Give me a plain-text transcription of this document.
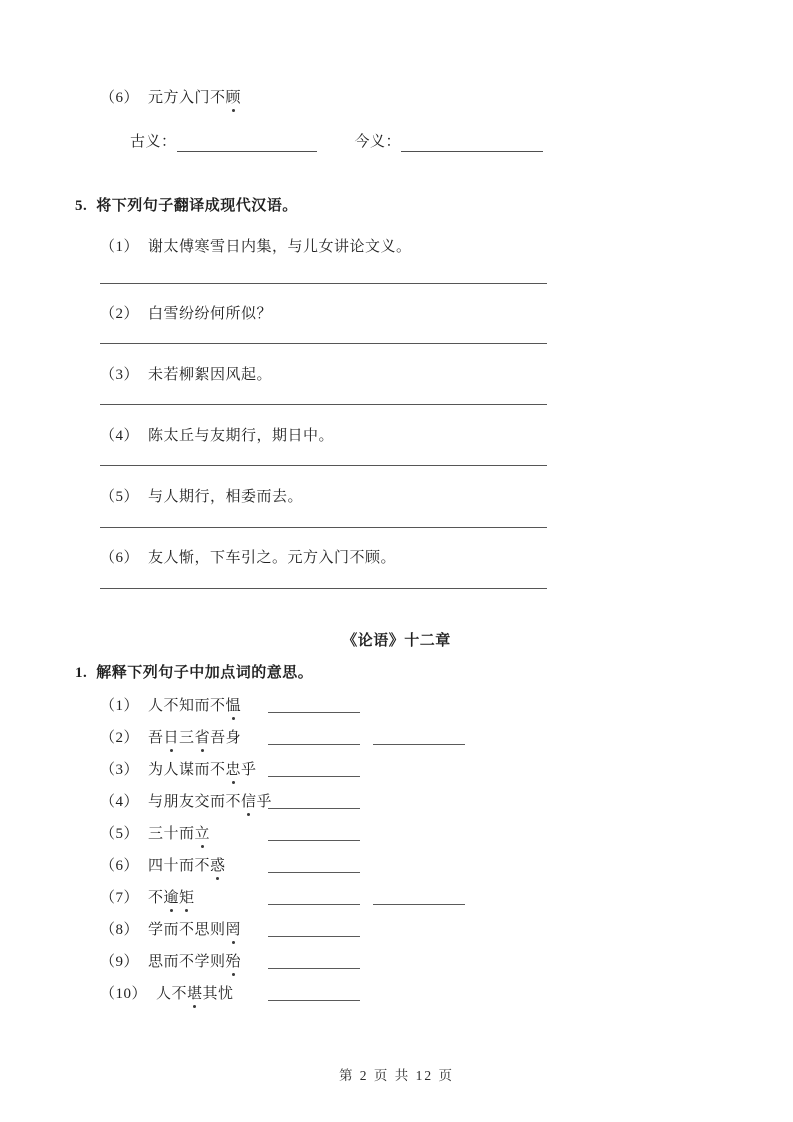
（6） 元方入门不顾
古义：	今义：
5. 将下列句子翻译成现代汉语。
（1） 谢太傅寒雪日内集，与儿女讲论文义。
（2） 白雪纷纷何所似？
（3） 未若柳絮因风起。
（4） 陈太丘与友期行，期日中。
（5） 与人期行，相委而去。
（6） 友人惭，下车引之。元方入门不顾。
《论语》十二章
1. 解释下列句子中加点词的意思。
（1） 人不知而不愠
（2） 吾日三省吾身
（3） 为人谋而不忠乎
（4） 与朋友交而不信乎
（5） 三十而立
（6） 四十而不惑
（7） 不逾矩
（8） 学而不思则罔
（9） 思而不学则殆
（10） 人不堪其忧
第 2 页 共 12 页
